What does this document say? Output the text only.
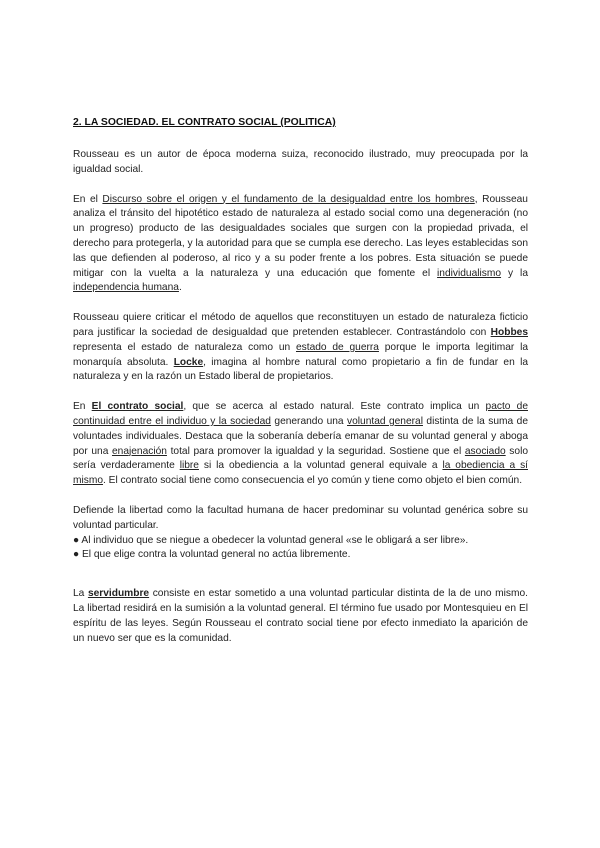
2. LA SOCIEDAD. EL CONTRATO SOCIAL (POLITICA)

Rousseau es un autor de época moderna suiza, reconocido ilustrado, muy preocupada por la igualdad social.

En el Discurso sobre el origen y el fundamento de la desigualdad entre los hombres, Rousseau analiza el tránsito del hipotético estado de naturaleza al estado social como una degeneración (no un progreso) producto de las desigualdades sociales que surgen con la propiedad privada, el derecho para protegerla, y la autoridad para que se cumpla ese derecho. Las leyes establecidas son las que defienden al poderoso, al rico y a su poder frente a los pobres. Esta situación se puede mitigar con la vuelta a la naturaleza y una educación que fomente el individualismo y la independencia humana.

Rousseau quiere criticar el método de aquellos que reconstituyen un estado de naturaleza ficticio para justificar la sociedad de desigualdad que pretenden establecer. Contrastándolo con Hobbes representa el estado de naturaleza como un estado de guerra porque le importa legitimar la monarquía absoluta. Locke, imagina al hombre natural como propietario a fin de fundar en la naturaleza y en la razón un Estado liberal de propietarios.

En El contrato social, que se acerca al estado natural. Este contrato implica un pacto de continuidad entre el individuo y la sociedad generando una voluntad general distinta de la suma de voluntades individuales. Destaca que la soberanía debería emanar de su voluntad general y aboga por una enajenación total para promover la igualdad y la seguridad. Sostiene que el asociado solo sería verdaderamente libre si la obediencia a la voluntad general equivale a la obediencia a sí mismo. El contrato social tiene como consecuencia el yo común y tiene como objeto el bien común.

Defiende la libertad como la facultad humana de hacer predominar su voluntad genérica sobre su voluntad particular.

● Al individuo que se niegue a obedecer la voluntad general «se le obligará a ser libre».
● El que elige contra la voluntad general no actúa libremente.

La servidumbre consiste en estar sometido a una voluntad particular distinta de la de uno mismo. La libertad residirá en la sumisión a la voluntad general. El término fue usado por Montesquieu en El espíritu de las leyes. Según Rousseau el contrato social tiene por efecto inmediato la aparición de un nuevo ser que es la comunidad.
